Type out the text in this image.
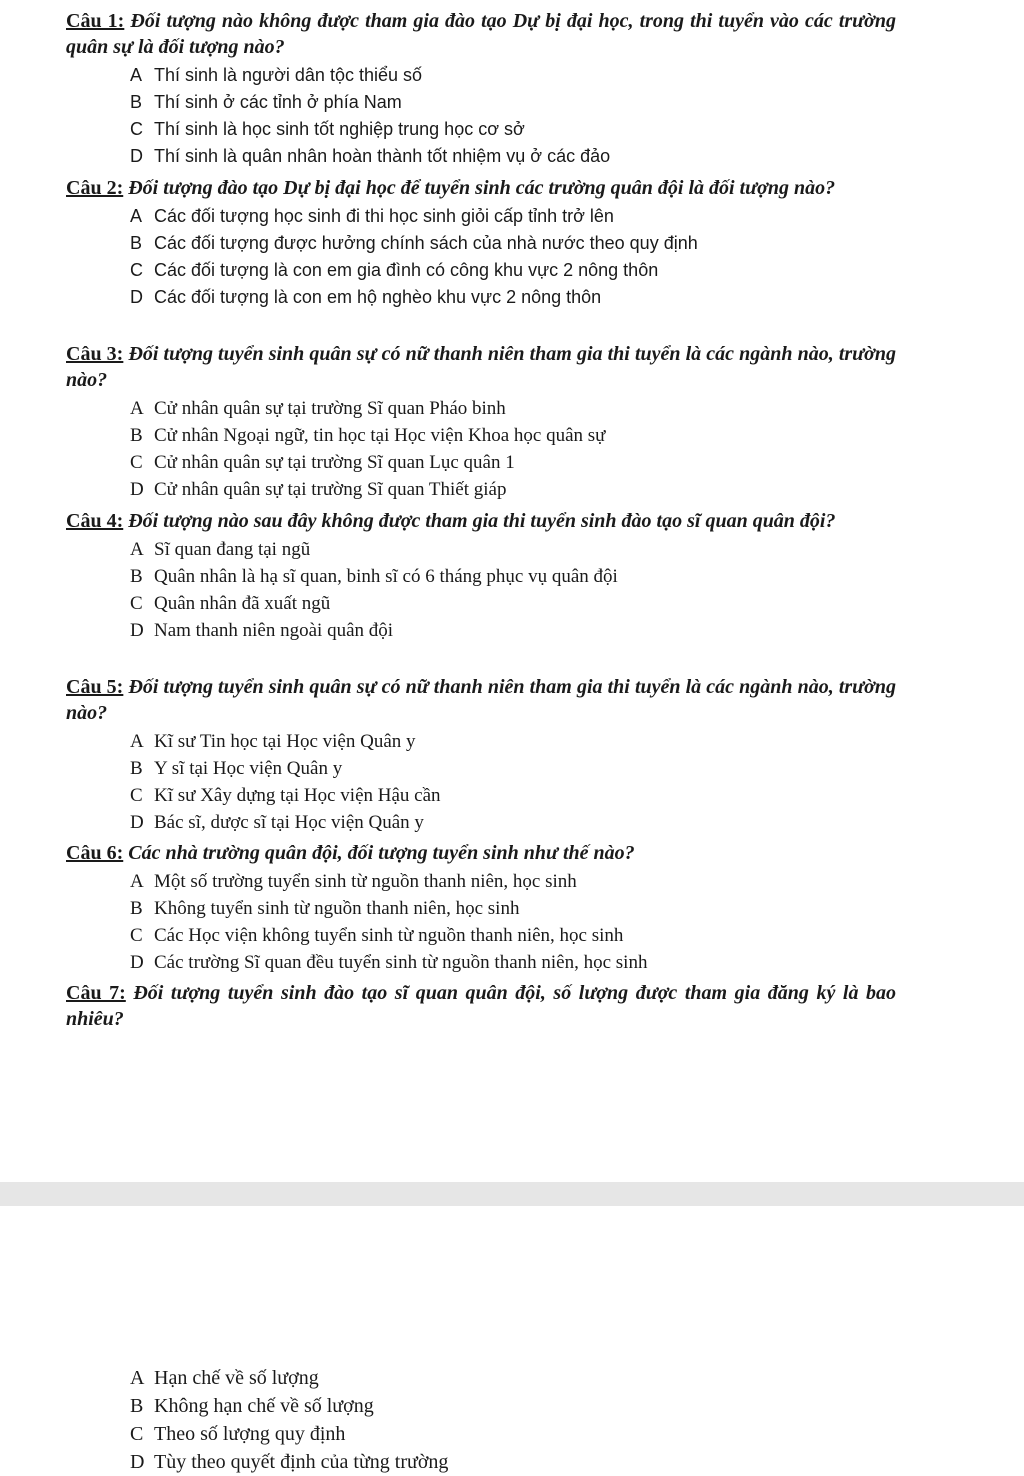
Câu 1: Đối tượng nào không được tham gia đào tạo Dự bị đại học, trong thi tuyển vào các trường quân sự là đối tượng nào?

A Thí sinh là người dân tộc thiểu số
B Thí sinh ở các tỉnh ở phía Nam
C Thí sinh là học sinh tốt nghiệp trung học cơ sở
D Thí sinh là quân nhân hoàn thành tốt nhiệm vụ ở các đảo

Câu 2: Đối tượng đào tạo Dự bị đại học để tuyển sinh các trường quân đội là đối tượng nào?

A Các đối tượng học sinh đi thi học sinh giỏi cấp tỉnh trở lên
B Các đối tượng được hưởng chính sách của nhà nước theo quy định
C Các đối tượng là con em gia đình có công khu vực 2 nông thôn
D Các đối tượng là con em hộ nghèo khu vực 2 nông thôn

Câu 3: Đối tượng tuyển sinh quân sự có nữ thanh niên tham gia thi tuyển là các ngành nào, trường nào?

A Cử nhân quân sự tại trường Sĩ quan Pháo binh
B Cử nhân Ngoại ngữ, tin học tại Học viện Khoa học quân sự
C Cử nhân quân sự tại trường Sĩ quan Lục quân 1
D Cử nhân quân sự tại trường Sĩ quan Thiết giáp

Câu 4: Đối tượng nào sau đây không được tham gia thi tuyển sinh đào tạo sĩ quan quân đội?

A Sĩ quan đang tại ngũ
B Quân nhân là hạ sĩ quan, binh sĩ có 6 tháng phục vụ quân đội
C Quân nhân đã xuất ngũ
D Nam thanh niên ngoài quân đội

Câu 5: Đối tượng tuyển sinh quân sự có nữ thanh niên tham gia thi tuyển là các ngành nào, trường nào?

A Kĩ sư Tin học tại Học viện Quân y
B Y sĩ tại Học viện Quân y
C Kĩ sư Xây dựng tại Học viện Hậu cần
D Bác sĩ, dược sĩ tại Học viện Quân y

Câu 6: Các nhà trường quân đội, đối tượng tuyển sinh như thế nào?

A Một số trường tuyển sinh từ nguồn thanh niên, học sinh
B Không tuyển sinh từ nguồn thanh niên, học sinh
C Các Học viện không tuyển sinh từ nguồn thanh niên, học sinh
D Các trường Sĩ quan đều tuyển sinh từ nguồn thanh niên, học sinh

Câu 7: Đối tượng tuyển sinh đào tạo sĩ quan quân đội, số lượng được tham gia đăng ký là bao nhiêu?

A Hạn chế về số lượng
B Không hạn chế về số lượng
C Theo số lượng quy định
D Tùy theo quyết định của từng trường
